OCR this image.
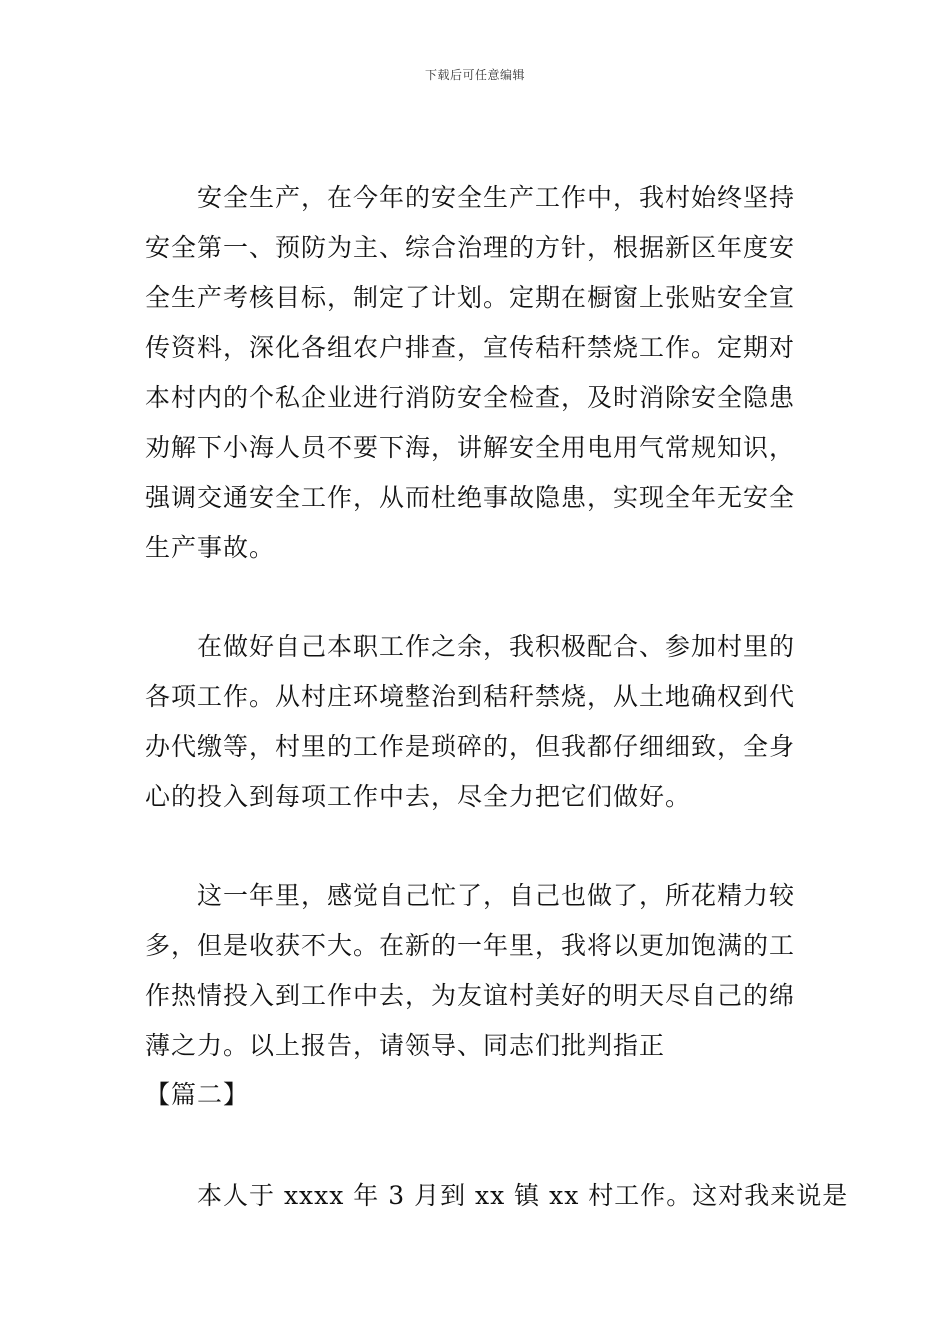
下载后可任意编辑
安全生产，在今年的安全生产工作中，我村始终坚持
安全第一、预防为主、综合治理的方针，根据新区年度安
全生产考核目标，制定了计划。定期在橱窗上张贴安全宣
传资料，深化各组农户排查，宣传秸秆禁烧工作。定期对
本村内的个私企业进行消防安全检查，及时消除安全隐患
劝解下小海人员不要下海，讲解安全用电用气常规知识，
强调交通安全工作，从而杜绝事故隐患，实现全年无安全
生产事故。
在做好自己本职工作之余，我积极配合、参加村里的
各项工作。从村庄环境整治到秸秆禁烧，从土地确权到代
办代缴等，村里的工作是琐碎的，但我都仔细细致，全身
心的投入到每项工作中去，尽全力把它们做好。
这一年里，感觉自己忙了，自己也做了，所花精力较
多，但是收获不大。在新的一年里，我将以更加饱满的工
作热情投入到工作中去，为友谊村美好的明天尽自己的绵
薄之力。以上报告，请领导、同志们批判指正
【篇二】
本人于 xxxx 年 3 月到 xx 镇 xx 村工作。这对我来说是
